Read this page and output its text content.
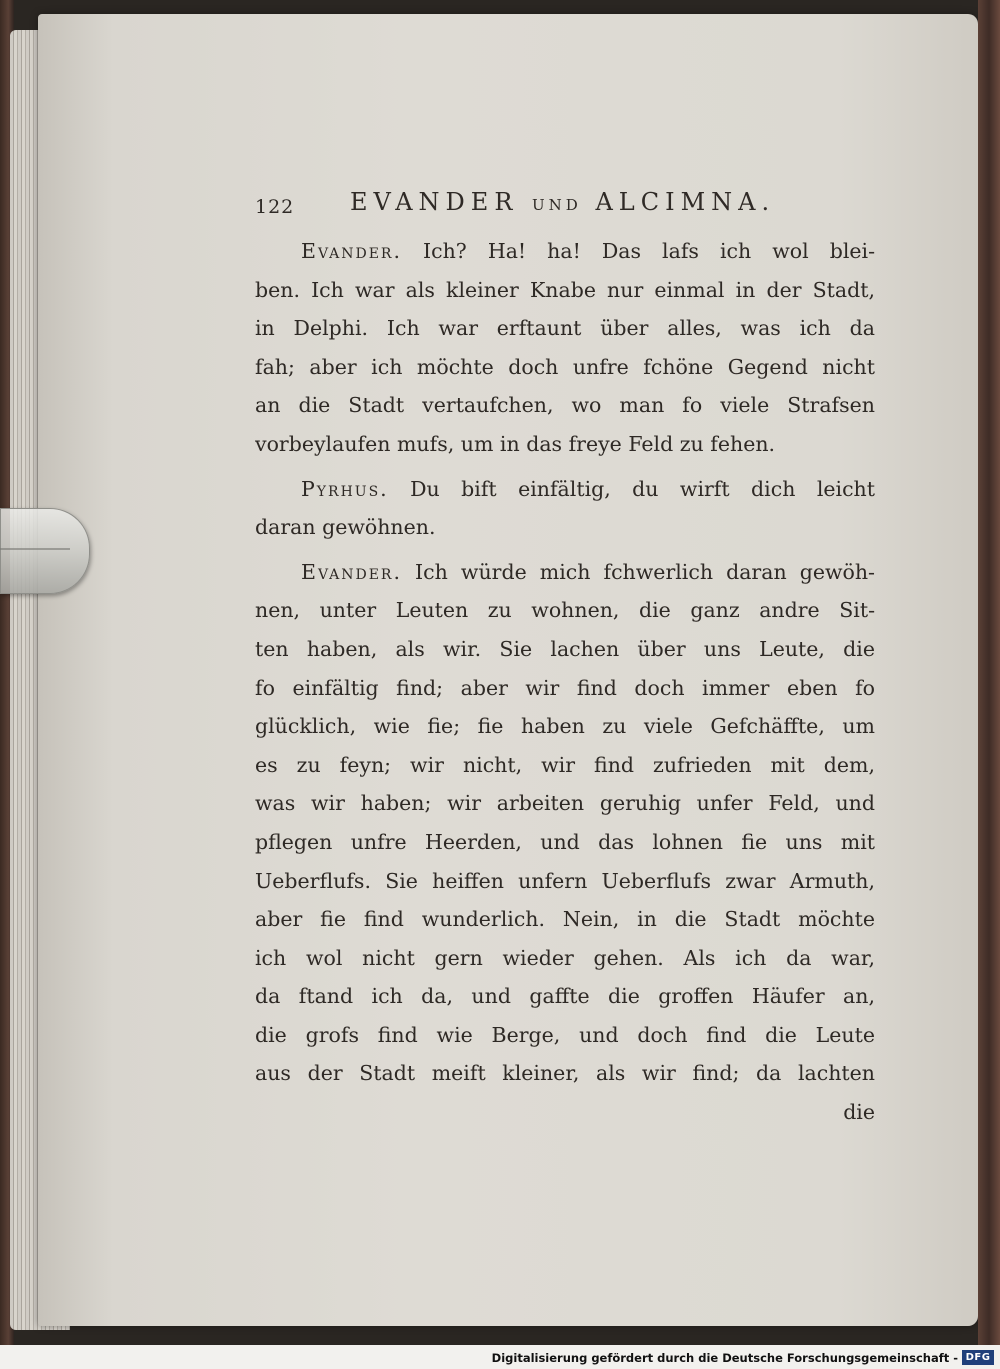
122 EVANDER UND ALCIMNA.
Evander. Ich? Ha! ha! Das lafs ich wol blei-
ben. Ich war als kleiner Knabe nur einmal in der Stadt,
in Delphi. Ich war erftaunt über alles, was ich da
fah; aber ich möchte doch unfre fchöne Gegend nicht
an die Stadt vertaufchen, wo man fo viele Strafsen
vorbeylaufen mufs, um in das freye Feld zu fehen.
Pyrhus. Du bift einfältig, du wirft dich leicht
daran gewöhnen.
Evander. Ich würde mich fchwerlich daran gewöh-
nen, unter Leuten zu wohnen, die ganz andre Sit-
ten haben, als wir. Sie lachen über uns Leute, die
fo einfältig find; aber wir find doch immer eben fo
glücklich, wie fie; fie haben zu viele Gefchäffte, um
es zu feyn; wir nicht, wir find zufrieden mit dem,
was wir haben; wir arbeiten geruhig unfer Feld, und
pflegen unfre Heerden, und das lohnen fie uns mit
Ueberflufs. Sie heiffen unfern Ueberflufs zwar Armuth,
aber fie find wunderlich. Nein, in die Stadt möchte
ich wol nicht gern wieder gehen. Als ich da war,
da ftand ich da, und gaffte die groffen Häufer an,
die grofs find wie Berge, und doch find die Leute
aus der Stadt meift kleiner, als wir find; da lachten
die
Digitalisierung gefördert durch die Deutsche Forschungsgemeinschaft - DFG
